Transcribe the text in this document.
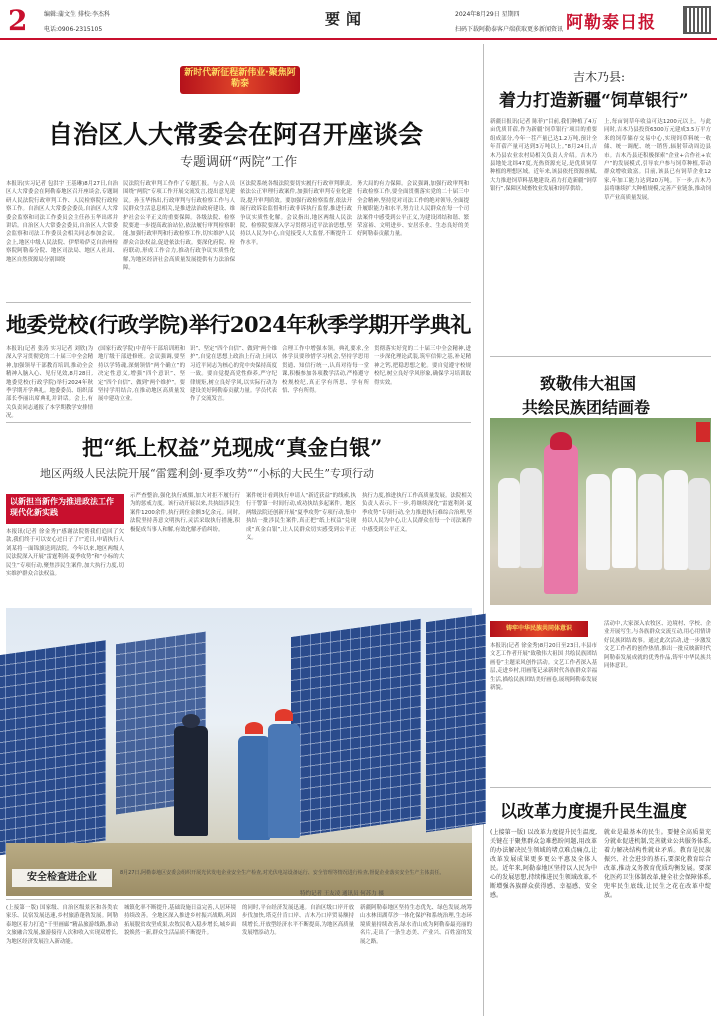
2	编辑:蒲文生 排校:李杰科
电话:0906-2315105
要闻	2024年8月29日 星期四
扫码下载阿勒泰客户端获取更多新闻资讯 阿勒泰日报
新时代新征程新伟业·聚焦阿勒泰
自治区人大常委会在阿召开座谈会
专题调研“两院”工作
本报讯(实习记者 包洪宇 王基琳)8月27日,自治区人大常委会在阿勒泰地区召开座谈会,专题调研人民法院行政审判工作、人民检察院行政检察工作。自治区人大常委会委员,自治区人大常委会监察和司法工作委员会主任孙玉华出席并讲话。自治区人大常委会委员,自治区人大常委会监察和司法工作委员会相关同志参加会议。会上,地区中级人民法院、伊犁哈萨克自治州检察院阿勒泰分院、地区司法局、地区人社局、地区自然资源局分别围绕
民法院行政审判工作作了专题汇报。与会人员围绕“两院”专项工作开展交流发言,提出意见建议。孙玉华指出,行政审判与行政检察工作与人民群众生活息息相关,是推进法治政府建设、维护社会公平正义的重要保障。各级法院、检察院要进一步提高政治站位,依法履行审判检察职能,加强行政审判和行政检察工作,切实维护人民群众合法权益,促进依法行政。要深化府院、检府联动,形成工作合力,推动行政争议实质性化解,为地区经济社会高质量发展提供有力法治保障。
区法院系统各级法院要切实履行行政审判职责,依法公正审理行政案件,加强行政审判专业化建设,提升审判质效。要加强行政检察监督,依法开展行政诉讼监督和行政非诉执行监督,推进行政争议实质性化解。会议指出,地区两级人民法院、检察院要深入学习贯彻习近平法治思想,坚持以人民为中心,自觉接受人大监督,不断提升工作水平。
务大局的有力保障。会议强调,加强行政审判和行政检察工作,要全面贯彻落实党的二十届三中全会精神,坚持党对司法工作的绝对领导,全面提升履职能力和水平,努力让人民群众在每一个司法案件中感受到公平正义,为建设团结和谐、繁荣富裕、文明进步、安居乐业、生态良好的美好阿勒泰贡献力量。
吉木乃县:
着力打造新疆“饲草银行”
新疆日报讯(记者 陈菲)“目前,我们种植了4万亩优质苜蓿,作为新疆‘饲草银行’项目的重要组成部分,今年一茬产量已达1.2万吨,预计全年苜蓿产量可达到3万吨以上。”8月24日,吉木乃县农业农村局相关负责人介绍。吉木乃县地处北纬47度,光热资源充足,是优质饲草种植的理想区域。近年来,该县依托资源禀赋,大力推进饲草料基地建设,着力打造新疆“饲草银行”,保障区域畜牧业发展和饲草供给。
上,每亩饲草年收益可达1200元以上。与此同时,吉木乃县投资6300万元建成3.5万平方米的饲草储存交易中心,实现饲草料统一收储、统一调配、统一销售,辐射带动周边县市。吉木乃县还积极探索“企业+合作社+农户”的发展模式,引导农户参与饲草种植,带动群众增收致富。目前,该县已有饲草企业12家,年加工能力达到20万吨。下一步,吉木乃县将继续扩大种植规模,完善产业链条,推动饲草产业高质量发展。
地委党校(行政学院)举行2024年秋季学期开学典礼
本报讯(记者 张涛 实习记者 刘欣)为深入学习贯彻党的二十届三中全会精神,加强领导干部教育培训,推动全会精神入脑入心、见行见效,8月28日,地委党校(行政学院)举行2024年秋季学期开学典礼。地委委员、组织部部长李丽出席典礼并讲话。会上,有关负责同志通报了本学期教学安排情况。
(国家行政学院)中青年干部培训班和地厅级干部进修班。会议强调,要坚持以学铸魂,深刻领悟“两个确立”的决定性意义,增强“四个意识”、坚定“四个自信”、做到“两个维护”。要坚持学用结合,在推动地区高质量发展中建功立业。
识”、坚定“四个自信”、做到“两个维护”,自觉在思想上政治上行动上同以习近平同志为核心的党中央保持高度一致。要自觉提高党性修养,严守纪律规矩,树立良好学风,以实际行动为建设美好阿勒泰贡献力量。学员代表作了交流发言。
合理工作中增强本领。典礼要求,全体学员要珍惜学习机会,坚持学思用贯通、知信行统一,认真对待每一堂课,积极参加各项教学活动,严格遵守校规校纪,真正学有所思、学有所悟、学有所得。
贯彻落实好党的二十届三中全会精神,进一步深化理论武装,筑牢信仰之基,补足精神之钙,把稳思想之舵。要自觉遵守校规校纪,树立良好学风形象,确保学习培训取得实效。
把“纸上权益”兑现成“真金白银”
地区两级人民法院开展“雷霆利剑·夏季攻势”“小标的大民生”专项行动
以新担当新作为推进政法工作现代化新实践
本报讯(记者 徐金秀)“感谢法院帮我们追回了欠款,我们终于可以安心过日子了!”近日,申请执行人刘某将一面锦旗送到法院。今年以来,地区两级人民法院深入开展“雷霆利剑·夏季攻势”和“小标的大民生”专项行动,聚焦涉民生案件,加大执行力度,切实维护群众合法权益。
示严查整治,强化执行威慑,加大对拒不履行行为的惩戒力度。该行动开展以来,共执结涉民生案件1200余件,执行到位金额3亿余元。同时,法院坚持善意文明执行,灵活采取执行措施,积极促成当事人和解,有效化解矛盾纠纷。
案件统计看到执行申请人“新近获益”的线索,执行干警第一时间行动,成功执结多起案件。地区两级法院还创新开展“夏季攻势”专项行动,集中执结一批涉民生案件,真正把“纸上权益”兑现成“真金白银”,让人民群众切实感受到公平正义。
执行力度,推进执行工作高质量发展。法院相关负责人表示,下一步,将继续深化“雷霆利剑·夏季攻势”专项行动,全力推进执行难综合治理,坚持以人民为中心,让人民群众在每一个司法案件中感受到公平正义。
安全检查进企业	8月27日,阿勒泰地区安委会组织开展光伏发电企业安全生产检查,对光伏电站设备运行、安全管理等情况进行检查,督促企业落实安全生产主体责任。
特约记者 王友凌 通讯员 何苏力 摄
(上接第一版) 国家级、自治区级景区和各类农家乐、民宿发展迅速,乡村旅游蓬勃发展。阿勒泰地区着力打造“千里画廊”精品旅游线路,推动文旅融合发展,旅游接待人次和收入实现双增长,为地区经济发展注入新动能。
城镇化率不断提升,基础设施日益完善,人居环境持续改善。全地区深入推进乡村振兴战略,巩固拓展脱贫攻坚成果,农牧民收入稳步增长,城乡面貌焕然一新,群众生活品质不断提升。
的同时,平台经济发展迅速。自治区级口岸开放步伐加快,塔克什肯口岸、吉木乃口岸贸易额持续增长,开放型经济水平不断提高,为地区高质量发展增添动力。
新疆阿勒泰地区坚持生态优先、绿色发展,统筹山水林田湖草沙一体化保护和系统治理,生态环境质量持续改善,绿水青山成为阿勒泰最亮丽的名片,走出了一条生态美、产业兴、百姓富的发展之路。
致敬伟大祖国
共绘民族团结画卷
铸牢中华民族共同体意识
本报讯(记者 徐金秀)8月20日至23日,丰县市文艺工作者开展“致敬伟大祖国 共绘民族团结画卷”主题采风创作活动。文艺工作者深入基层,走进乡村,用画笔记录新时代各族群众幸福生活,描绘民族团结美好画卷,展现阿勒泰发展新貌。
活动中,大家深入农牧区、边境村、学校、企业开展写生,与各族群众交流互动,用心用情讲好民族团结故事。通过此次活动,进一步激发文艺工作者的创作热情,推出一批反映新时代阿勒泰发展成就的优秀作品,铸牢中华民族共同体意识。
以改革力度提升民生温度
(上接第一版) 以改革力度提升民生温度,关键在于聚焦群众急难愁盼问题,用改革的办法解决民生领域的堵点难点痛点,让改革发展成果更多更公平惠及全体人民。近年来,阿勒泰地区坚持以人民为中心的发展思想,持续推进民生领域改革,不断增强各族群众获得感、幸福感、安全感。
就业是最基本的民生。要健全高质量充分就业促进机制,完善就业公共服务体系,着力解决结构性就业矛盾。教育是民族振兴、社会进步的基石,要深化教育综合改革,推动义务教育优质均衡发展。要深化医药卫生体制改革,健全社会保障体系,兜牢民生底线,让民生之花在改革中绽放。
